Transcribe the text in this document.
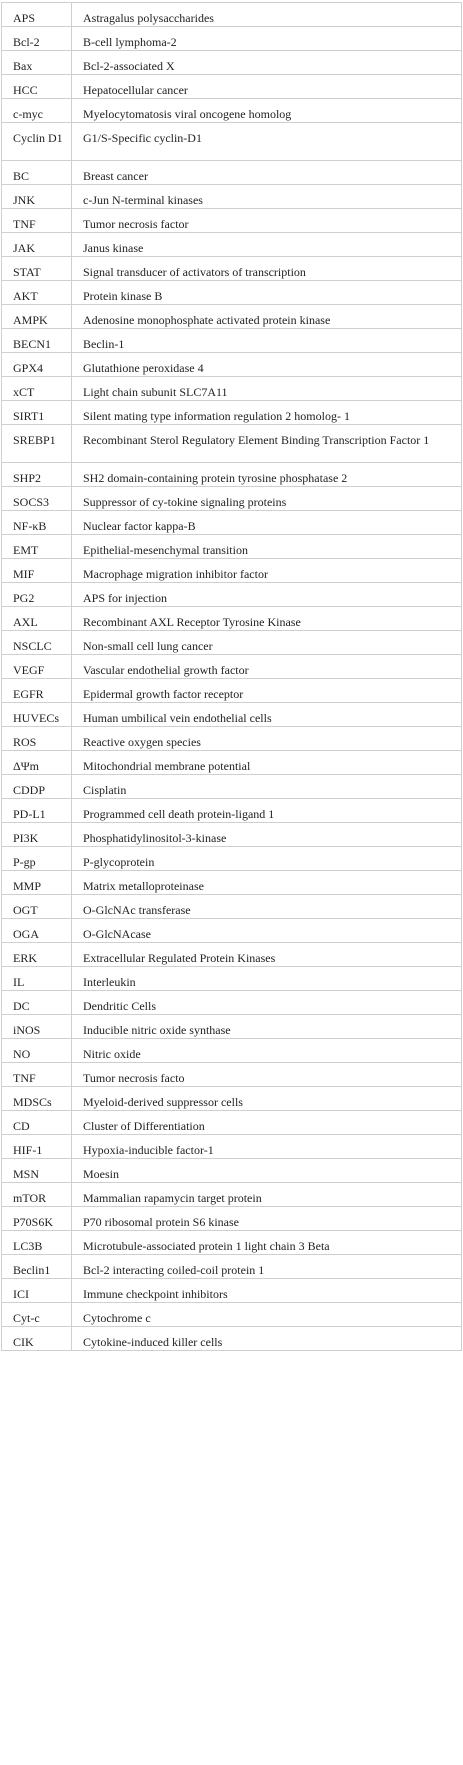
APS	Astragalus polysaccharides
Bcl-2	B-cell lymphoma-2
Bax	Bcl-2-associated X
HCC	Hepatocellular cancer
c-myc	Myelocytomatosis viral oncogene homolog
Cyclin D1	G1/S-Specific cyclin-D1
BC	Breast cancer
JNK	c-Jun N-terminal kinases
TNF	Tumor necrosis factor
JAK	Janus kinase
STAT	Signal transducer of activators of transcription
AKT	Protein kinase B
AMPK	Adenosine monophosphate activated protein kinase
BECN1	Beclin-1
GPX4	Glutathione peroxidase 4
xCT	Light chain subunit SLC7A11
SIRT1	Silent mating type information regulation 2 homolog- 1
SREBP1	Recombinant Sterol Regulatory Element Binding Transcription Factor 1
SHP2	SH2 domain-containing protein tyrosine phosphatase 2
SOCS3	Suppressor of cy-tokine signaling proteins
NF-κB	Nuclear factor kappa-B
EMT	Epithelial-mesenchymal transition
MIF	Macrophage migration inhibitor factor
PG2	APS for injection
AXL	Recombinant AXL Receptor Tyrosine Kinase
NSCLC	Non-small cell lung cancer
VEGF	Vascular endothelial growth factor
EGFR	Epidermal growth factor receptor
HUVECs	Human umbilical vein endothelial cells
ROS	Reactive oxygen species
ΔΨm	Mitochondrial membrane potential
CDDP	Cisplatin
PD-L1	Programmed cell death protein-ligand 1
PI3K	Phosphatidylinositol-3-kinase
P-gp	P-glycoprotein
MMP	Matrix metalloproteinase
OGT	O-GlcNAc transferase
OGA	O-GlcNAcase
ERK	Extracellular Regulated Protein Kinases
IL	Interleukin
DC	Dendritic Cells
iNOS	Inducible nitric oxide synthase
NO	Nitric oxide
TNF	Tumor necrosis facto
MDSCs	Myeloid-derived suppressor cells
CD	Cluster of Differentiation
HIF-1	Hypoxia-inducible factor-1
MSN	Moesin
mTOR	Mammalian rapamycin target protein
P70S6K	P70 ribosomal protein S6 kinase
LC3B	Microtubule-associated protein 1 light chain 3 Beta
Beclin1	Bcl-2 interacting coiled-coil protein 1
ICI	Immune checkpoint inhibitors
Cyt-c	Cytochrome c
CIK	Cytokine-induced killer cells
